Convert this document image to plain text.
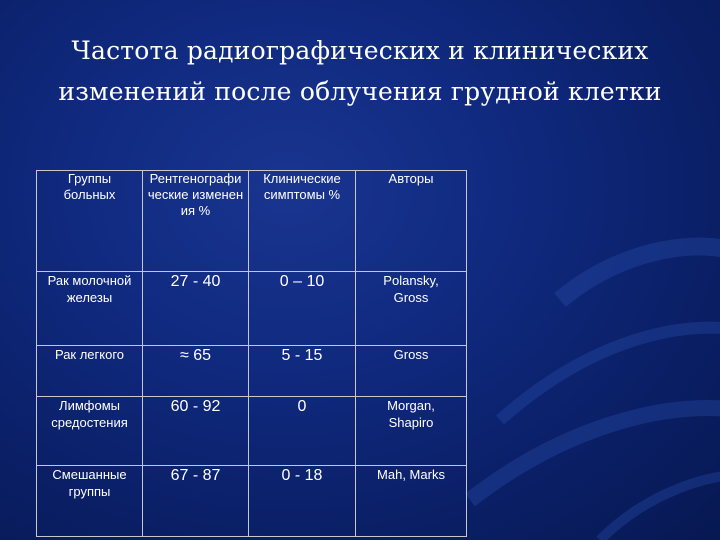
Частота радиографических и клинических
изменений после облучения грудной клетки
Группы больных	Рентгенографические изменения %	Клинические симптомы %	Авторы

Рак молочной железы	27 - 40	0 – 10	Polansky, Gross

Рак легкого	≈ 65	5 - 15	Gross

Лимфомы средостения	60 - 92	0	Morgan, Shapiro

Смешанные группы	67 - 87	0 - 18	Mah, Marks
